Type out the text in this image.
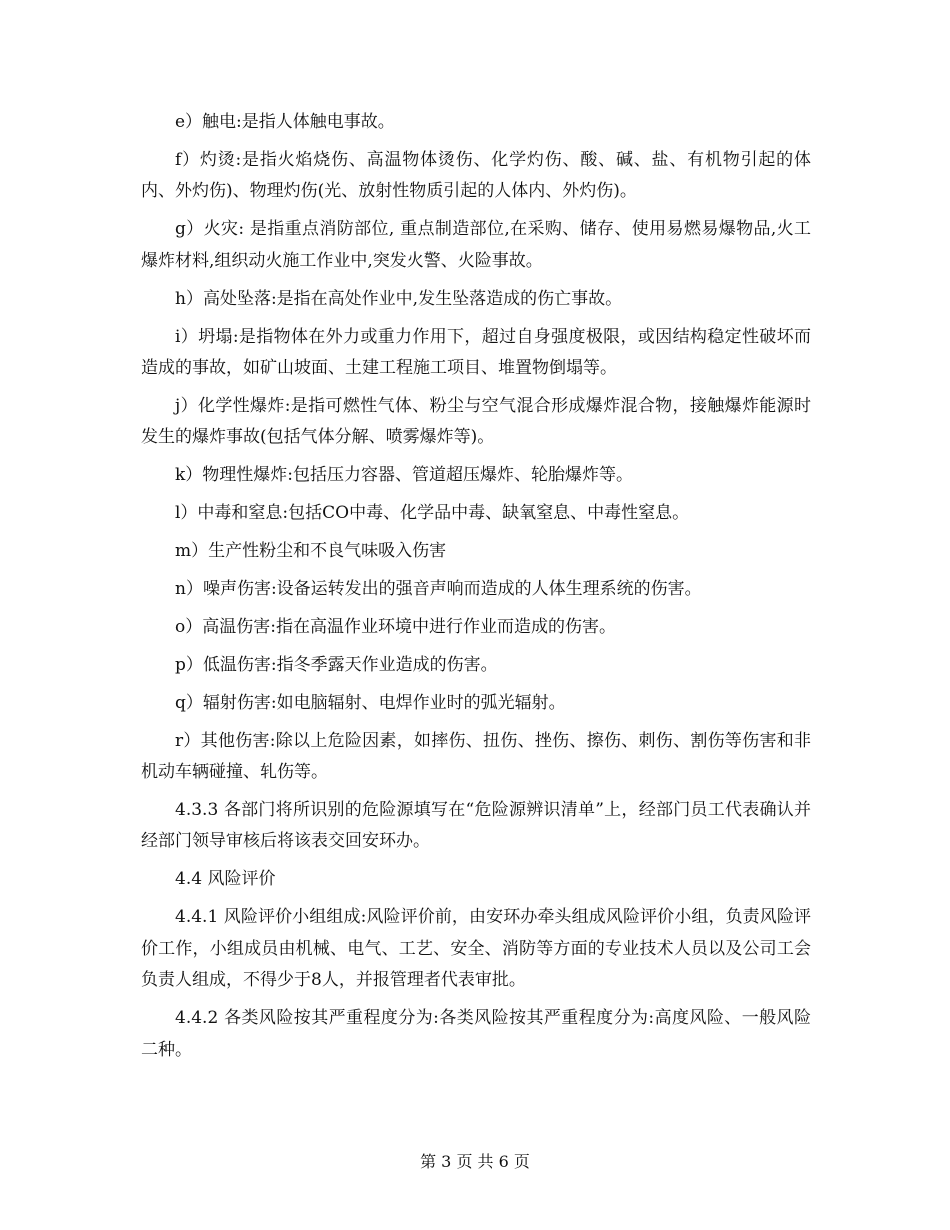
e）触电:是指人体触电事故。

f）灼烫:是指火焰烧伤、高温物体烫伤、化学灼伤、酸、碱、盐、有机物引起的体内、外灼伤)、物理灼伤(光、放射性物质引起的人体内、外灼伤)。

g）火灾: 是指重点消防部位, 重点制造部位,在采购、储存、使用易燃易爆物品,火工爆炸材料,组织动火施工作业中,突发火警、火险事故。

h）高处坠落:是指在高处作业中,发生坠落造成的伤亡事故。

i）坍塌:是指物体在外力或重力作用下，超过自身强度极限，或因结构稳定性破坏而造成的事故，如矿山坡面、土建工程施工项目、堆置物倒塌等。

j）化学性爆炸:是指可燃性气体、粉尘与空气混合形成爆炸混合物，接触爆炸能源时发生的爆炸事故(包括气体分解、喷雾爆炸等)。

k）物理性爆炸:包括压力容器、管道超压爆炸、轮胎爆炸等。

l）中毒和窒息:包括CO中毒、化学品中毒、缺氧窒息、中毒性窒息。

m）生产性粉尘和不良气味吸入伤害

n）噪声伤害:设备运转发出的强音声响而造成的人体生理系统的伤害。

o）高温伤害:指在高温作业环境中进行作业而造成的伤害。

p）低温伤害:指冬季露天作业造成的伤害。

q）辐射伤害:如电脑辐射、电焊作业时的弧光辐射。

r）其他伤害:除以上危险因素，如摔伤、扭伤、挫伤、擦伤、刺伤、割伤等伤害和非机动车辆碰撞、轧伤等。

4.3.3 各部门将所识别的危险源填写在“危险源辨识清单”上，经部门员工代表确认并经部门领导审核后将该表交回安环办。

4.4 风险评价

4.4.1 风险评价小组组成:风险评价前，由安环办牵头组成风险评价小组，负责风险评价工作，小组成员由机械、电气、工艺、安全、消防等方面的专业技术人员以及公司工会负责人组成，不得少于8人，并报管理者代表审批。

4.4.2 各类风险按其严重程度分为:各类风险按其严重程度分为:高度风险、一般风险二种。

第 3 页 共 6 页
